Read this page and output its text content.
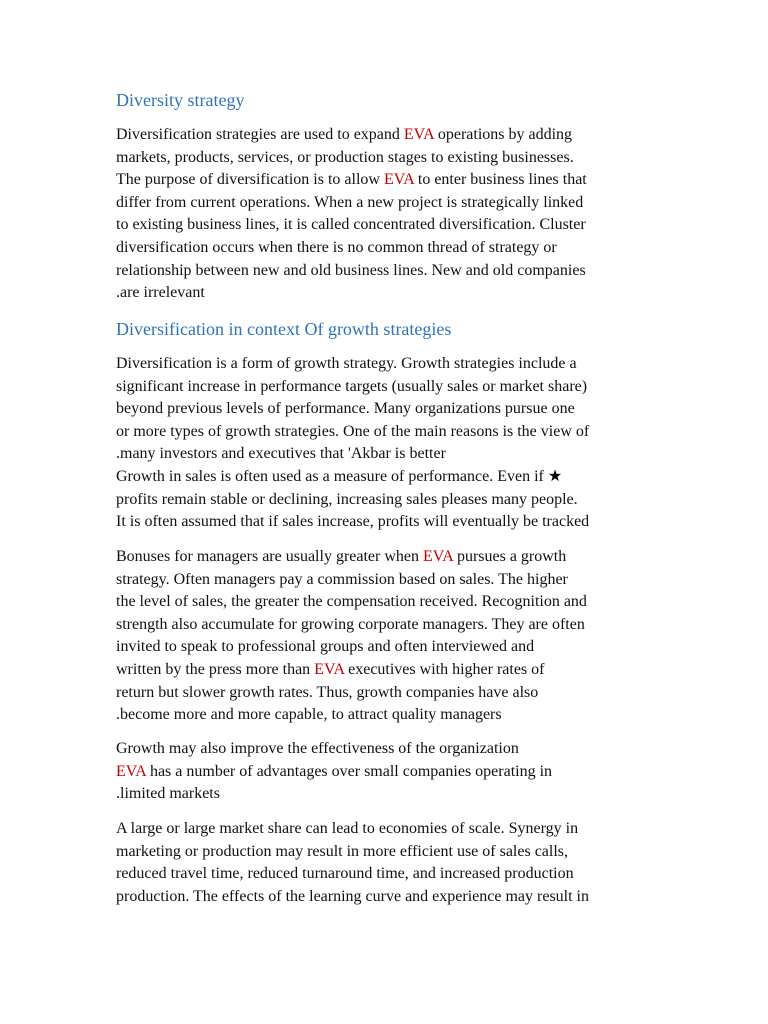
Diversity strategy
Diversification strategies are used to expand EVA operations by adding
markets, products, services, or production stages to existing businesses.
The purpose of diversification is to allow EVA to enter business lines that
differ from current operations. When a new project is strategically linked
to existing business lines, it is called concentrated diversification. Cluster
diversification occurs when there is no common thread of strategy or
relationship between new and old business lines. New and old companies
.are irrelevant
Diversification in context Of growth strategies
Diversification is a form of growth strategy. Growth strategies include a
significant increase in performance targets (usually sales or market share)
beyond previous levels of performance. Many organizations pursue one
or more types of growth strategies. One of the main reasons is the view of
.many investors and executives that 'Akbar is better
Growth in sales is often used as a measure of performance. Even if ★
profits remain stable or declining, increasing sales pleases many people.
It is often assumed that if sales increase, profits will eventually be tracked
Bonuses for managers are usually greater when EVA pursues a growth
strategy. Often managers pay a commission based on sales. The higher
the level of sales, the greater the compensation received. Recognition and
strength also accumulate for growing corporate managers. They are often
invited to speak to professional groups and often interviewed and
written by the press more than EVA executives with higher rates of
return but slower growth rates. Thus, growth companies have also
.become more and more capable, to attract quality managers
Growth may also improve the effectiveness of the organization
EVA has a number of advantages over small companies operating in
.limited markets
A large or large market share can lead to economies of scale. Synergy in
marketing or production may result in more efficient use of sales calls,
reduced travel time, reduced turnaround time, and increased production
production. The effects of the learning curve and experience may result in
